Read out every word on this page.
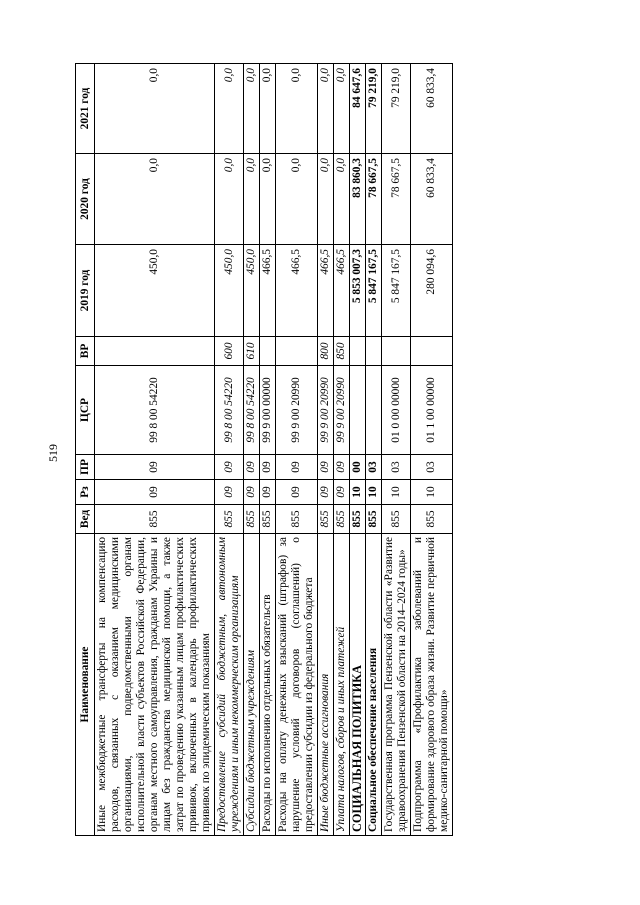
519
Наименование	Вед	Рз	ПР	ЦСР	ВР	2019 год	2020 год	2021 год
Иные межбюджетные трансферты на компенсацию расходов, связанных с оказанием медицинскими организациями, подведомственными органам исполнительной власти субъектов Российской Федерации, органам местного самоуправления, гражданам Украины и лицам без гражданства медицинской помощи, а также затрат по проведению указанным лицам профилактических прививок, включенных в календарь профилактических прививок по эпидемическим показаниям	855	09	09	99 8 00 54220		450,0	0,0	0,0
Предоставление субсидий бюджетным, автономным учреждениям и иным некоммерческим организациям	855	09	09	99 8 00 54220	600	450,0	0,0	0,0
Субсидии бюджетным учреждениям	855	09	09	99 8 00 54220	610	450,0	0,0	0,0
Расходы по исполнению отдельных обязательств	855	09	09	99 9 00 00000		466,5	0,0	0,0
Расходы на оплату денежных взысканий (штрафов) за нарушение условий договоров (соглашений) о предоставлении субсидии из федерального бюджета	855	09	09	99 9 00 20990		466,5	0,0	0,0
Иные бюджетные ассигнования	855	09	09	99 9 00 20990	800	466,5	0,0	0,0
Уплата налогов, сборов и иных платежей	855	09	09	99 9 00 20990	850	466,5	0,0	0,0
СОЦИАЛЬНАЯ ПОЛИТИКА	855	10	00			5 853 007,3	83 860,3	84 647,6
Социальное обеспечение населения	855	10	03			5 847 167,5	78 667,5	79 219,0
Государственная программа Пензенской области «Развитие здравоохранения Пензенской области на 2014–2024 годы»	855	10	03	01 0 00 00000		5 847 167,5	78 667,5	79 219,0
Подпрограмма «Профилактика заболеваний и формирование здорового образа жизни. Развитие первичной медико-санитарной помощи»	855	10	03	01 1 00 00000		280 094,6	60 833,4	60 833,4
